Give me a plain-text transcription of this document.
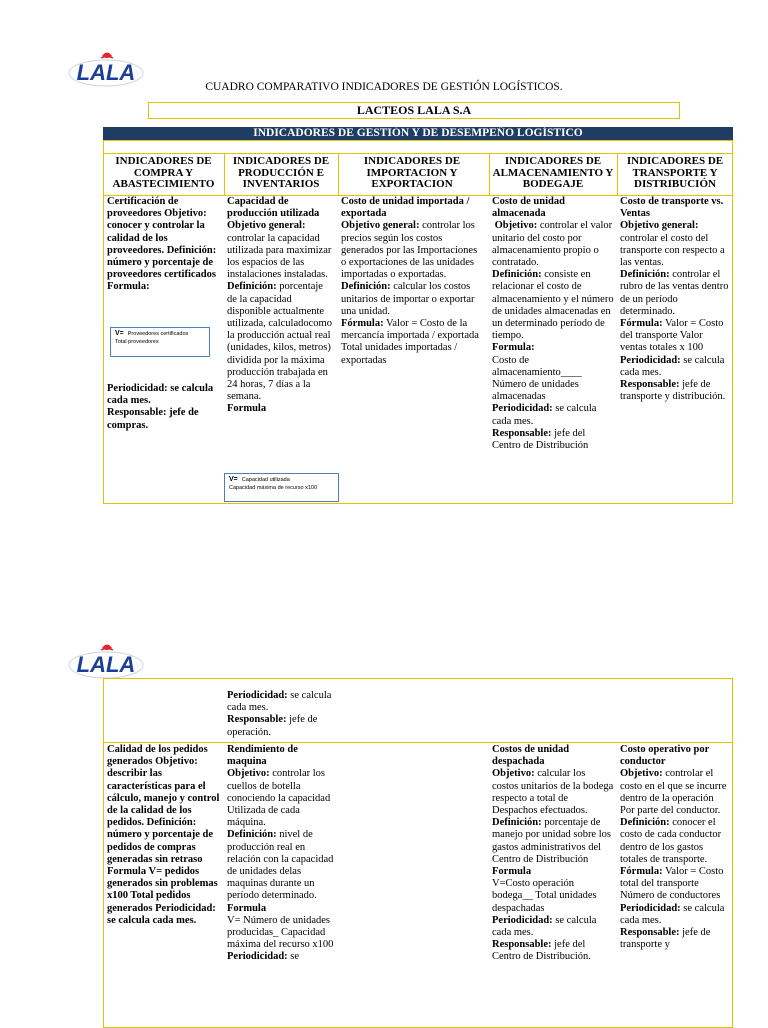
LALA
CUADRO COMPARATIVO INDICADORES DE GESTIÓN LOGÍSTICOS.
LACTEOS LALA S.A
INDICADORES DE GESTIÓN Y DE DESEMPEÑO LOGÍSTICO
INDICADORES DE COMPRA Y ABASTECIMIENTO
INDICADORES DE PRODUCCIÓN E INVENTARIOS
INDICADORES DE IMPORTACION Y EXPORTACION
INDICADORES DE ALMACENAMIENTO Y BODEGAJE
INDICADORES DE TRANSPORTE Y DISTRIBUCIÓN

Certificación de proveedores Objetivo: conocer y controlar la calidad de los proveedores. Definición: número y porcentaje de proveedores certificados Formula:

V= Proveedores certificados
Total proveedores

Periodicidad: se calcula cada mes.

Responsable: jefe de compras.

Capacidad de producción utilizada

Objetivo general: controlar la capacidad utilizada para maximizar los espacios de las instalaciones instaladas.

Definición: porcentaje de la capacidad disponible actualmente utilizada, calculadocomo la producción actual real (unidades, kilos, metros) dividida por la máxima producción trabajada en 24 horas, 7 días a la semana.

Formula

V= Capacidad utilizada
Capacidad máxima de recurso x100

Costo de unidad importada / exportada

Objetivo general: controlar los precios según los costos generados por las Importaciones o exportaciones de las unidades importadas o exportadas.

Definición: calcular los costos unitarios de importar o exportar una unidad.

Fórmula: Valor = Costo de la mercancía importada / exportada Total unidades importadas / exportadas

Costo de unidad almacenada

Objetivo: controlar el valor unitario del costo por almacenamiento propio o contratado.

Definición: consiste en relacionar el costo de almacenamiento y el número de unidades almacenadas en un determinado período de tiempo.

Formula:

Costo de almacenamiento____ Número de unidades almacenadas

Periodicidad: se calcula cada mes.

Responsable: jefe del Centro de Distribución

Costo de transporte vs. Ventas

Objetivo general: controlar el costo del transporte con respecto a las ventas.

Definición: controlar el rubro de las ventas dentro de un período determinado.

Fórmula: Valor = Costo del transporte Valor ventas totales x 100

Periodicidad: se calcula cada mes.

Responsable: jefe de transporte y distribución.

LALA

Periodicidad: se calcula cada mes.

Responsable: jefe de operación.

Calidad de los pedidos generados Objetivo: describir las características para el cálculo, manejo y control de la calidad de los pedidos. Definición: número y porcentaje de pedidos de compras generadas sin retraso Formula V= pedidos generados sin problemas x100 Total pedidos generados Periodicidad: se calcula cada mes.

Rendimiento de maquina

Objetivo: controlar los cuellos de botella conociendo la capacidad Utilizada de cada máquina.

Definición: nivel de producción real en relación con la capacidad de unidades delas maquinas durante un período determinado.

Formula

V= Número de unidades producidas_ Capacidad máxima del recurso x100

Periodicidad: se

Costos de unidad despachada

Objetivo: calcular los costos unitarios de la bodega respecto a total de Despachos efectuados.

Definición: porcentaje de manejo por unidad sobre los gastos administrativos del Centro de Distribución

Formula

V=Costo operación bodega__ Total unidades despachadas

Periodicidad: se calcula cada mes.

Responsable: jefe del Centro de Distribución.

Costo operativo por conductor

Objetivo: controlar el costo en el que se incurre dentro de la operación Por parte del conductor.

Definición: conocer el costo de cada conductor dentro de los gastos totales de transporte.

Fórmula: Valor = Costo total del transporte Número de conductores

Periodicidad: se calcula cada mes.

Responsable: jefe de transporte y
